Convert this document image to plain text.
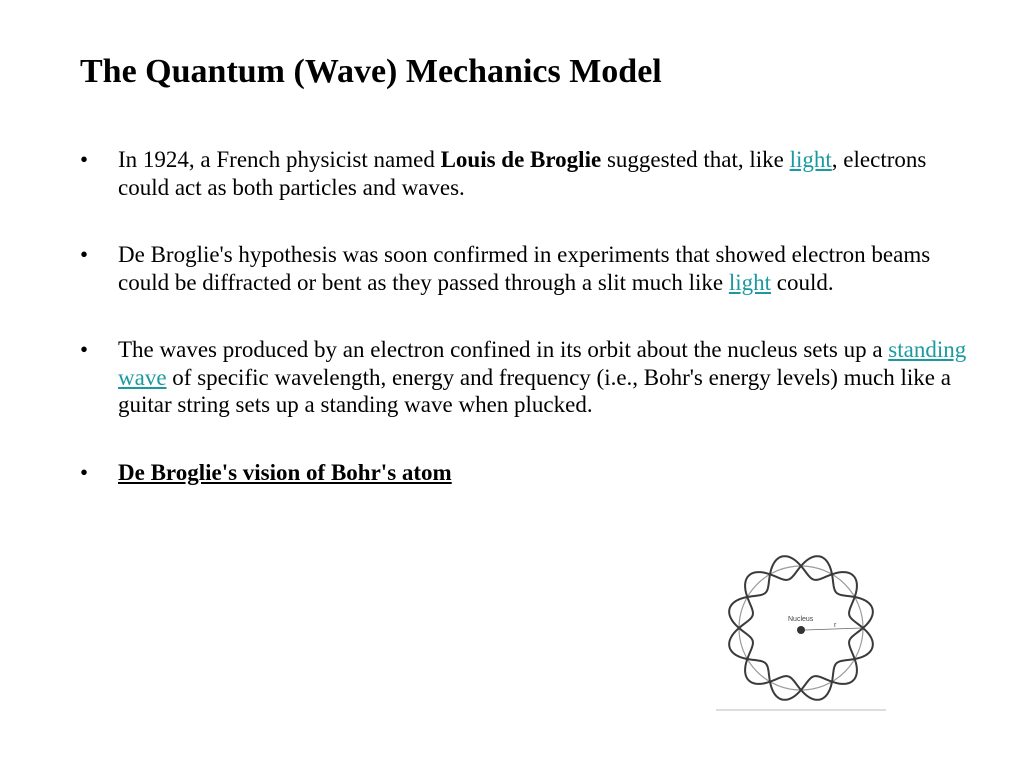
The Quantum (Wave) Mechanics Model
•	In 1924, a French physicist named Louis de Broglie suggested that, like light, electrons could act as both particles and waves.
•	De Broglie's hypothesis was soon confirmed in experiments that showed electron beams could be diffracted or bent as they passed through a slit much like light could.
•	The waves produced by an electron confined in its orbit about the nucleus sets up a standing wave of specific wavelength, energy and frequency (i.e., Bohr's energy levels) much like a guitar string sets up a standing wave when plucked.
•	De Broglie's vision of Bohr's atom
Nucleus
r
